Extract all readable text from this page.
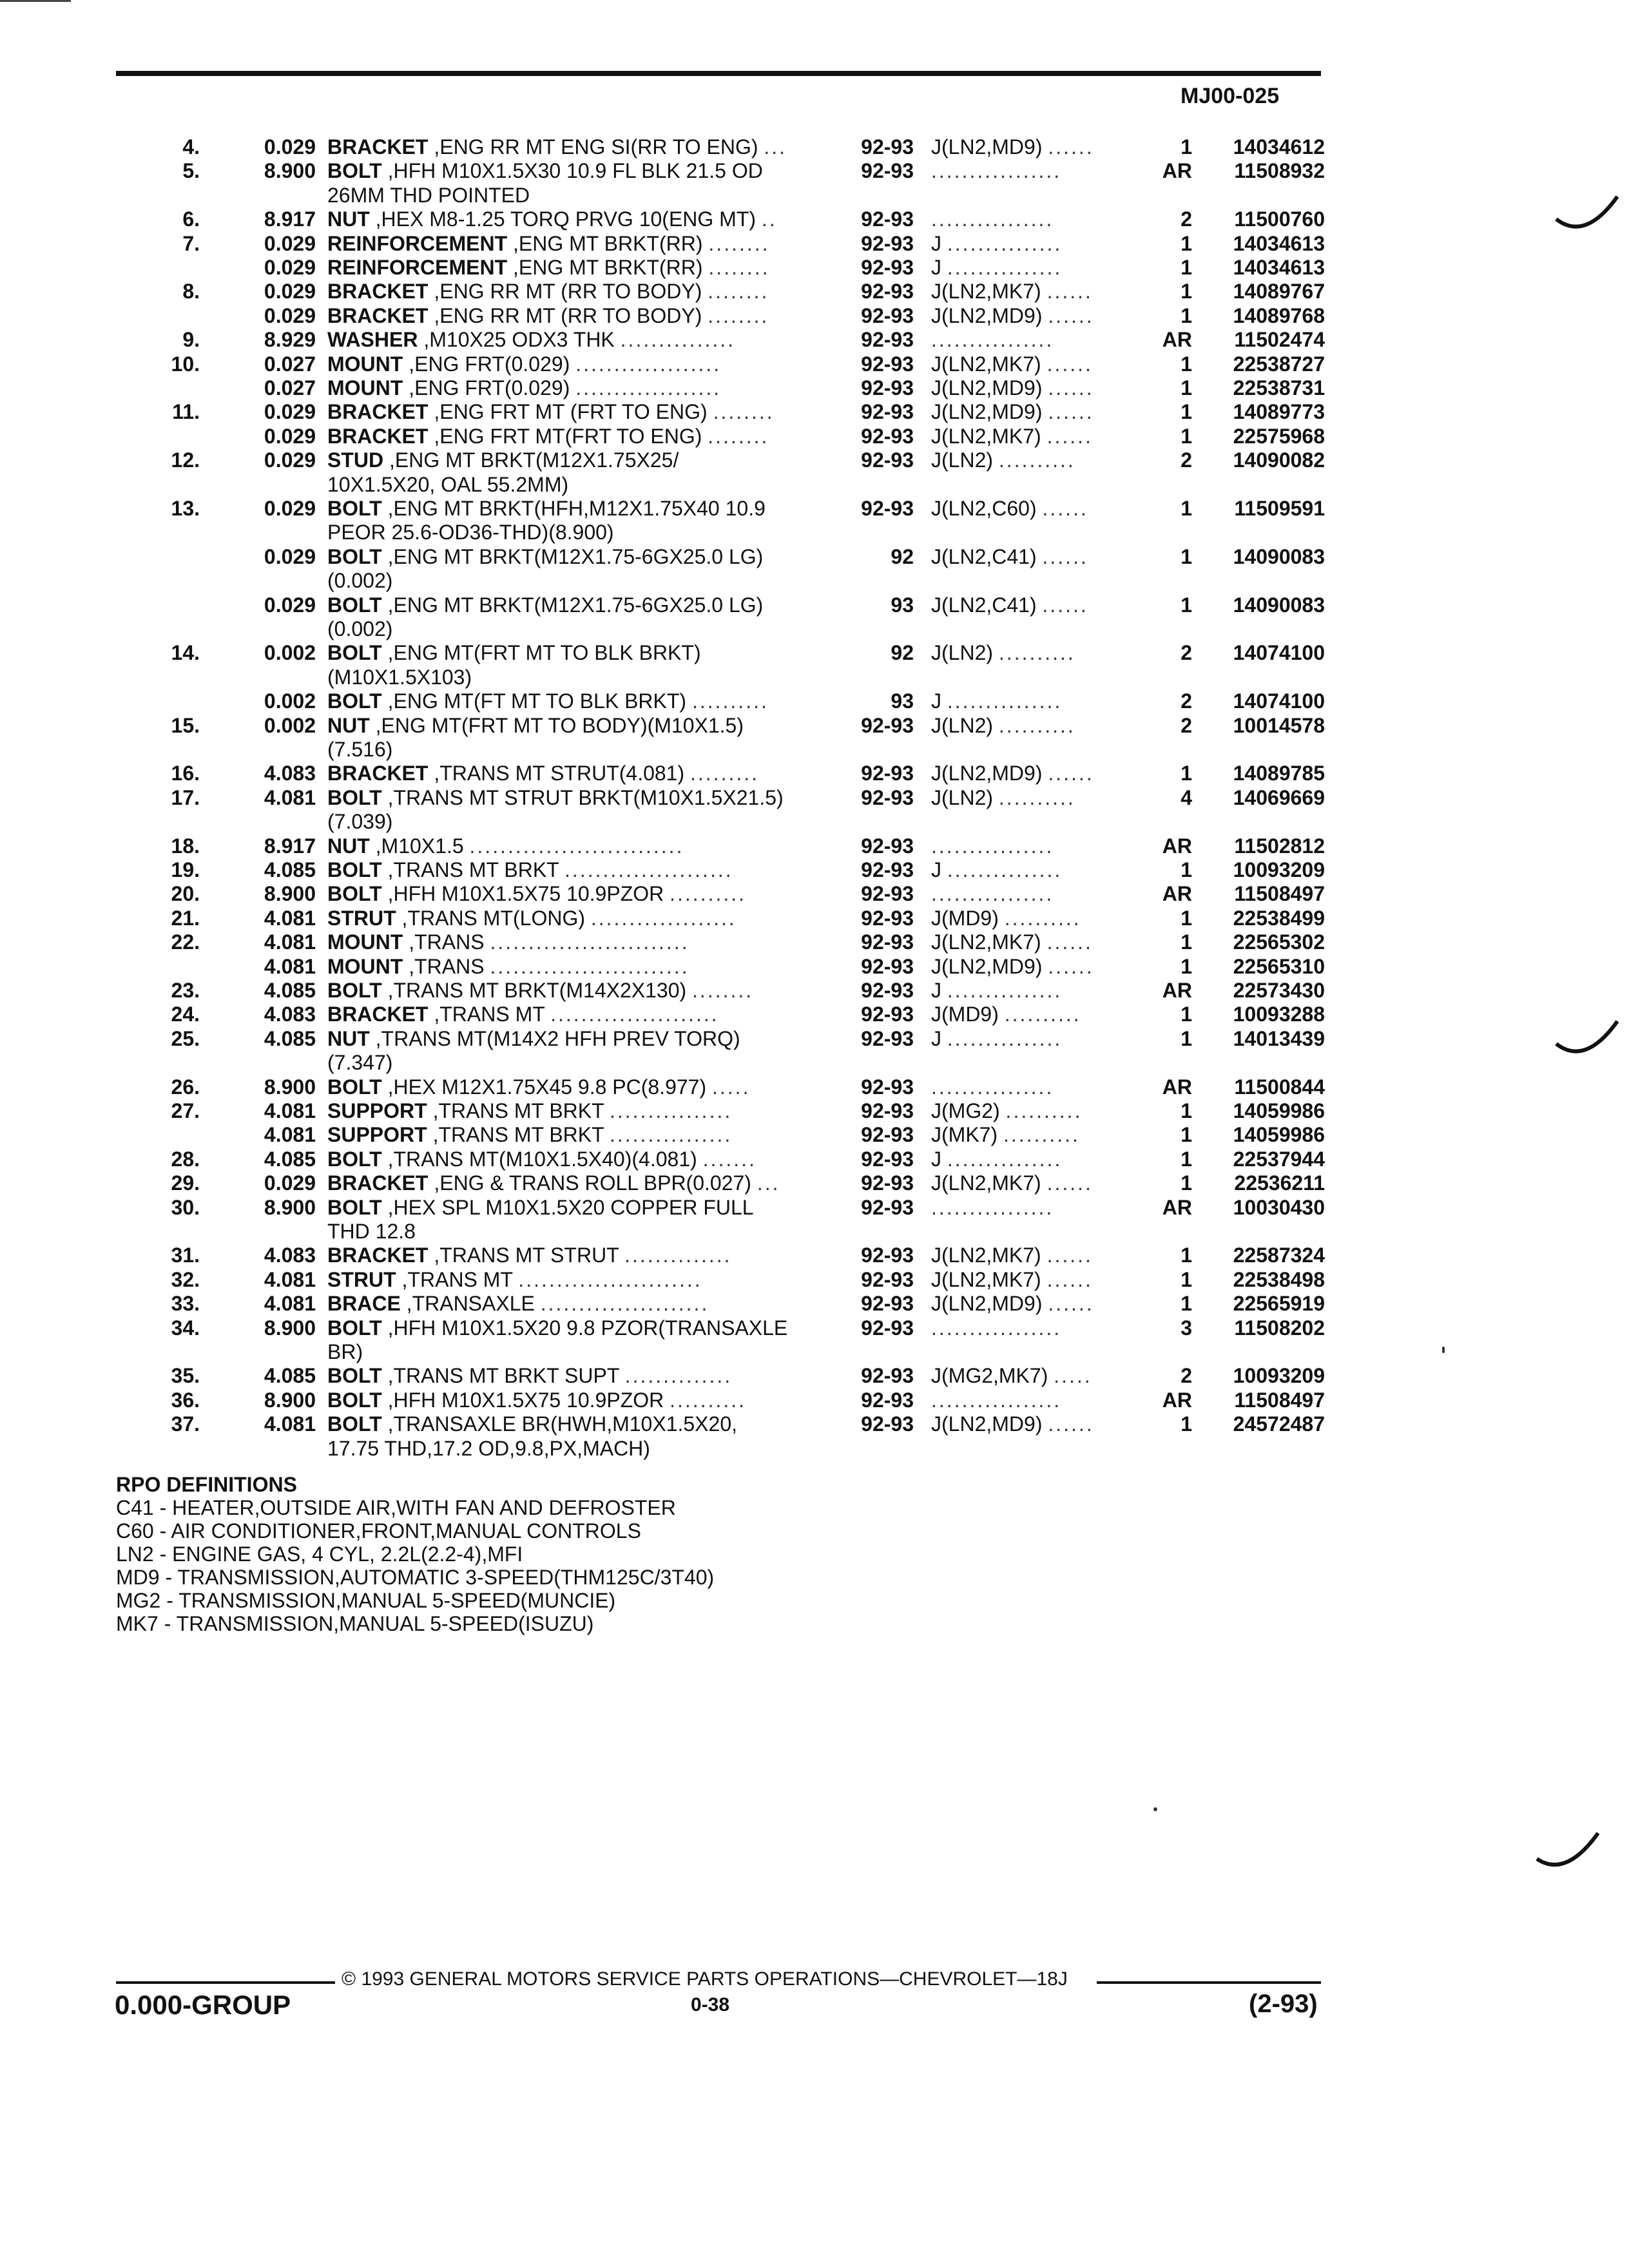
MJ00-025
4.	0.029 BRACKET ,ENG RR MT ENG SI(RR TO ENG) ...	92-93 J(LN2,MD9) ......	1	14034612
5.	8.900 BOLT ,HFH M10X1.5X30 10.9 FL BLK 21.5 OD	92-93 .................	AR	11508932
26MM THD POINTED
6.	8.917 NUT ,HEX M8-1.25 TORQ PRVG 10(ENG MT) ..	92-93 ................	2	11500760
7.	0.029 REINFORCEMENT ,ENG MT BRKT(RR) ........	92-93 J ...............	1	14034613
0.029 REINFORCEMENT ,ENG MT BRKT(RR) ........	92-93 J ...............	1	14034613
8.	0.029 BRACKET ,ENG RR MT (RR TO BODY) ........	92-93 J(LN2,MK7) ......	1	14089767
0.029 BRACKET ,ENG RR MT (RR TO BODY) ........	92-93 J(LN2,MD9) ......	1	14089768
9.	8.929 WASHER ,M10X25 ODX3 THK ...............	92-93 ................	AR	11502474
10.	0.027 MOUNT ,ENG FRT(0.029) ...................	92-93 J(LN2,MK7) ......	1	22538727
0.027 MOUNT ,ENG FRT(0.029) ...................	92-93 J(LN2,MD9) ......	1	22538731
11.	0.029 BRACKET ,ENG FRT MT (FRT TO ENG) ........	92-93 J(LN2,MD9) ......	1	14089773
0.029 BRACKET ,ENG FRT MT(FRT TO ENG) ........	92-93 J(LN2,MK7) ......	1	22575968
12.	0.029 STUD ,ENG MT BRKT(M12X1.75X25/	92-93 J(LN2) ..........	2	14090082
10X1.5X20, OAL 55.2MM)
13.	0.029 BOLT ,ENG MT BRKT(HFH,M12X1.75X40 10.9	92-93 J(LN2,C60) ......	1	11509591
PEOR 25.6-OD36-THD)(8.900)
0.029 BOLT ,ENG MT BRKT(M12X1.75-6GX25.0 LG)	92 J(LN2,C41) ......	1	14090083
(0.002)
0.029 BOLT ,ENG MT BRKT(M12X1.75-6GX25.0 LG)	93 J(LN2,C41) ......	1	14090083
(0.002)
14.	0.002 BOLT ,ENG MT(FRT MT TO BLK BRKT)	92 J(LN2) ..........	2	14074100
(M10X1.5X103)
0.002 BOLT ,ENG MT(FT MT TO BLK BRKT) ..........	93 J ...............	2	14074100
15.	0.002 NUT ,ENG MT(FRT MT TO BODY)(M10X1.5)	92-93 J(LN2) ..........	2	10014578
(7.516)
16.	4.083 BRACKET ,TRANS MT STRUT(4.081) .........	92-93 J(LN2,MD9) ......	1	14089785
17.	4.081 BOLT ,TRANS MT STRUT BRKT(M10X1.5X21.5)	92-93 J(LN2) ..........	4	14069669
(7.039)
18.	8.917 NUT ,M10X1.5 ............................	92-93 ................	AR	11502812
19.	4.085 BOLT ,TRANS MT BRKT ......................	92-93 J ...............	1	10093209
20.	8.900 BOLT ,HFH M10X1.5X75 10.9PZOR ..........	92-93 ................	AR	11508497
21.	4.081 STRUT ,TRANS MT(LONG) ...................	92-93 J(MD9) ..........	1	22538499
22.	4.081 MOUNT ,TRANS ..........................	92-93 J(LN2,MK7) ......	1	22565302
4.081 MOUNT ,TRANS ..........................	92-93 J(LN2,MD9) ......	1	22565310
23.	4.085 BOLT ,TRANS MT BRKT(M14X2X130) ........	92-93 J ...............	AR	22573430
24.	4.083 BRACKET ,TRANS MT ......................	92-93 J(MD9) ..........	1	10093288
25.	4.085 NUT ,TRANS MT(M14X2 HFH PREV TORQ)	92-93 J ...............	1	14013439
(7.347)
26.	8.900 BOLT ,HEX M12X1.75X45 9.8 PC(8.977) .....	92-93 ................	AR	11500844
27.	4.081 SUPPORT ,TRANS MT BRKT ................	92-93 J(MG2) ..........	1	14059986
4.081 SUPPORT ,TRANS MT BRKT ................	92-93 J(MK7) ..........	1	14059986
28.	4.085 BOLT ,TRANS MT(M10X1.5X40)(4.081) .......	92-93 J ...............	1	22537944
29.	0.029 BRACKET ,ENG & TRANS ROLL BPR(0.027) ...	92-93 J(LN2,MK7) ......	1	22536211
30.	8.900 BOLT ,HEX SPL M10X1.5X20 COPPER FULL	92-93 ................	AR	10030430
THD 12.8
31.	4.083 BRACKET ,TRANS MT STRUT ..............	92-93 J(LN2,MK7) ......	1	22587324
32.	4.081 STRUT ,TRANS MT ........................	92-93 J(LN2,MK7) ......	1	22538498
33.	4.081 BRACE ,TRANSAXLE ......................	92-93 J(LN2,MD9) ......	1	22565919
34.	8.900 BOLT ,HFH M10X1.5X20 9.8 PZOR(TRANSAXLE	92-93 .................	3	11508202
BR)
35.	4.085 BOLT ,TRANS MT BRKT SUPT ..............	92-93 J(MG2,MK7) .....	2	10093209
36.	8.900 BOLT ,HFH M10X1.5X75 10.9PZOR ..........	92-93 .................	AR	11508497
37.	4.081 BOLT ,TRANSAXLE BR(HWH,M10X1.5X20,	92-93 J(LN2,MD9) ......	1	24572487
17.75 THD,17.2 OD,9.8,PX,MACH)
RPO DEFINITIONS
C41 - HEATER,OUTSIDE AIR,WITH FAN AND DEFROSTER
C60 - AIR CONDITIONER,FRONT,MANUAL CONTROLS
LN2 - ENGINE GAS, 4 CYL, 2.2L(2.2-4),MFI
MD9 - TRANSMISSION,AUTOMATIC 3-SPEED(THM125C/3T40)
MG2 - TRANSMISSION,MANUAL 5-SPEED(MUNCIE)
MK7 - TRANSMISSION,MANUAL 5-SPEED(ISUZU)
© 1993 GENERAL MOTORS SERVICE PARTS OPERATIONS—CHEVROLET—18J
0.000-GROUP	0-38	(2-93)
